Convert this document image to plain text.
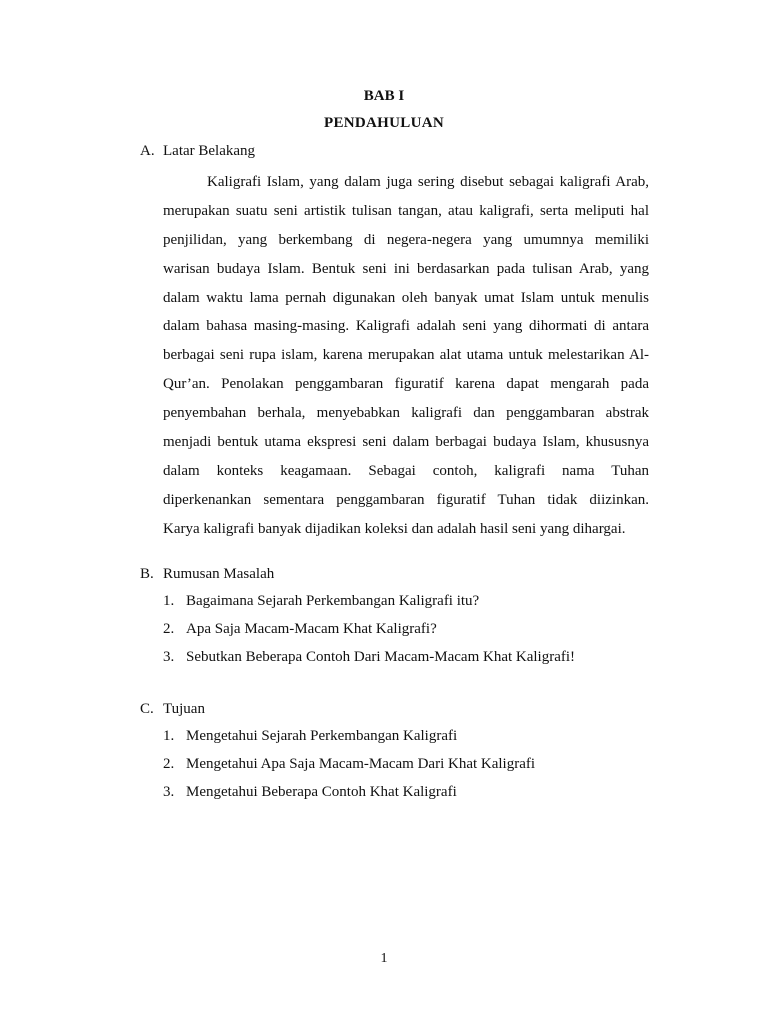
BAB I
PENDAHULUAN
A. Latar Belakang
Kaligrafi Islam, yang dalam juga sering disebut sebagai kaligrafi Arab,
merupakan suatu seni artistik tulisan tangan, atau kaligrafi, serta meliputi hal
penjilidan, yang berkembang di negera-negera yang umumnya memiliki
warisan budaya Islam. Bentuk seni ini berdasarkan pada tulisan Arab, yang
dalam waktu lama pernah digunakan oleh banyak umat Islam untuk menulis
dalam bahasa masing-masing. Kaligrafi adalah seni yang dihormati di antara
berbagai seni rupa islam, karena merupakan alat utama untuk melestarikan Al-
Qur’an. Penolakan penggambaran figuratif karena dapat mengarah pada
penyembahan berhala, menyebabkan kaligrafi dan penggambaran abstrak
menjadi bentuk utama ekspresi seni dalam berbagai budaya Islam, khususnya
dalam konteks keagamaan. Sebagai contoh, kaligrafi nama Tuhan
diperkenankan sementara penggambaran figuratif Tuhan tidak diizinkan.
Karya kaligrafi banyak dijadikan koleksi dan adalah hasil seni yang dihargai.
B. Rumusan Masalah
1. Bagaimana Sejarah Perkembangan Kaligrafi itu?
2. Apa Saja Macam-Macam Khat Kaligrafi?
3. Sebutkan Beberapa Contoh Dari Macam-Macam Khat Kaligrafi!
C. Tujuan
1. Mengetahui Sejarah Perkembangan Kaligrafi
2. Mengetahui Apa Saja Macam-Macam Dari Khat Kaligrafi
3. Mengetahui Beberapa Contoh Khat Kaligrafi
1
